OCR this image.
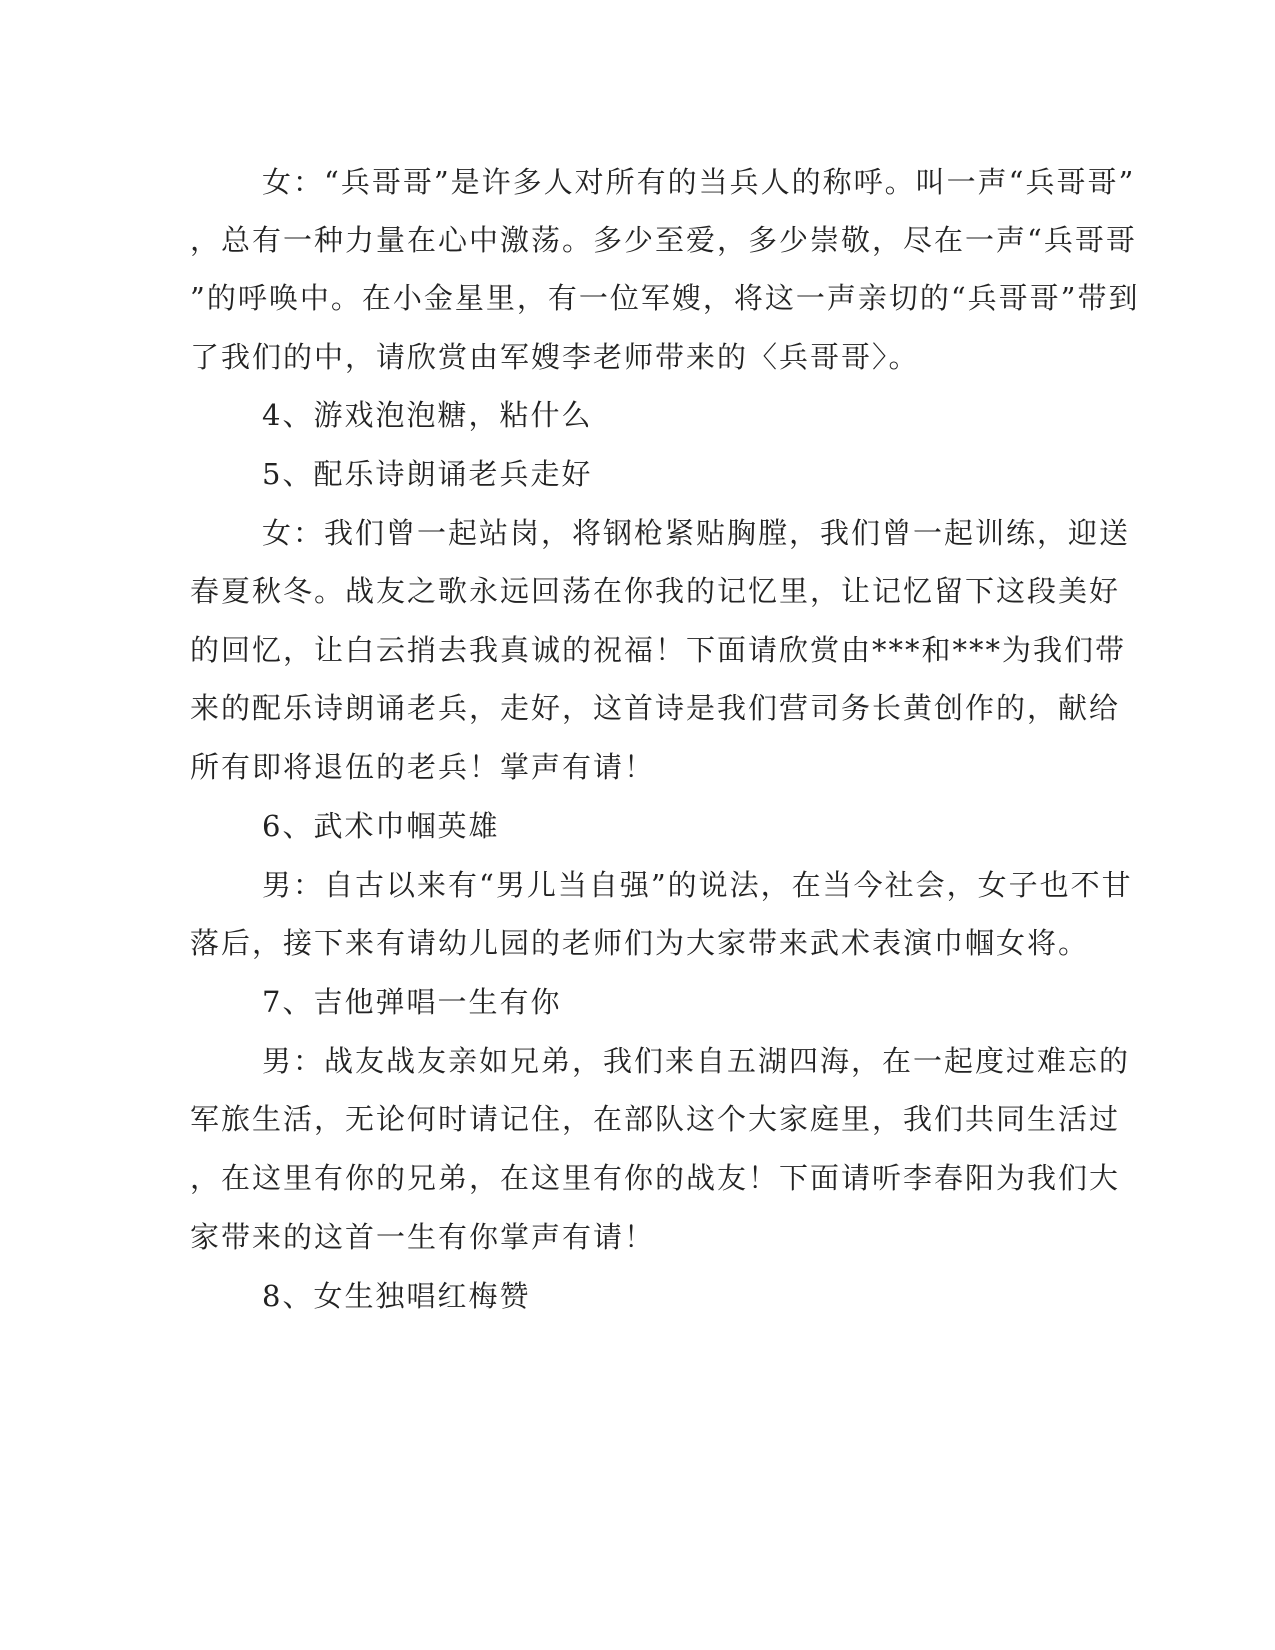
女：“兵哥哥”是许多人对所有的当兵人的称呼。叫一声“兵哥哥”
，总有一种力量在心中激荡。多少至爱，多少崇敬，尽在一声“兵哥哥
”的呼唤中。在小金星里，有一位军嫂，将这一声亲切的“兵哥哥”带到
了我们的中，请欣赏由军嫂李老师带来的〈兵哥哥〉。
4、游戏泡泡糖，粘什么
5、配乐诗朗诵老兵走好
女：我们曾一起站岗，将钢枪紧贴胸膛，我们曾一起训练，迎送
春夏秋冬。战友之歌永远回荡在你我的记忆里，让记忆留下这段美好
的回忆，让白云捎去我真诚的祝福！下面请欣赏由***和***为我们带
来的配乐诗朗诵老兵，走好，这首诗是我们营司务长黄创作的，献给
所有即将退伍的老兵！掌声有请！
6、武术巾帼英雄
男：自古以来有“男儿当自强”的说法，在当今社会，女子也不甘
落后，接下来有请幼儿园的老师们为大家带来武术表演巾帼女将。
7、吉他弹唱一生有你
男：战友战友亲如兄弟，我们来自五湖四海，在一起度过难忘的
军旅生活，无论何时请记住，在部队这个大家庭里，我们共同生活过
，在这里有你的兄弟，在这里有你的战友！下面请听李春阳为我们大
家带来的这首一生有你掌声有请！
8、女生独唱红梅赞
